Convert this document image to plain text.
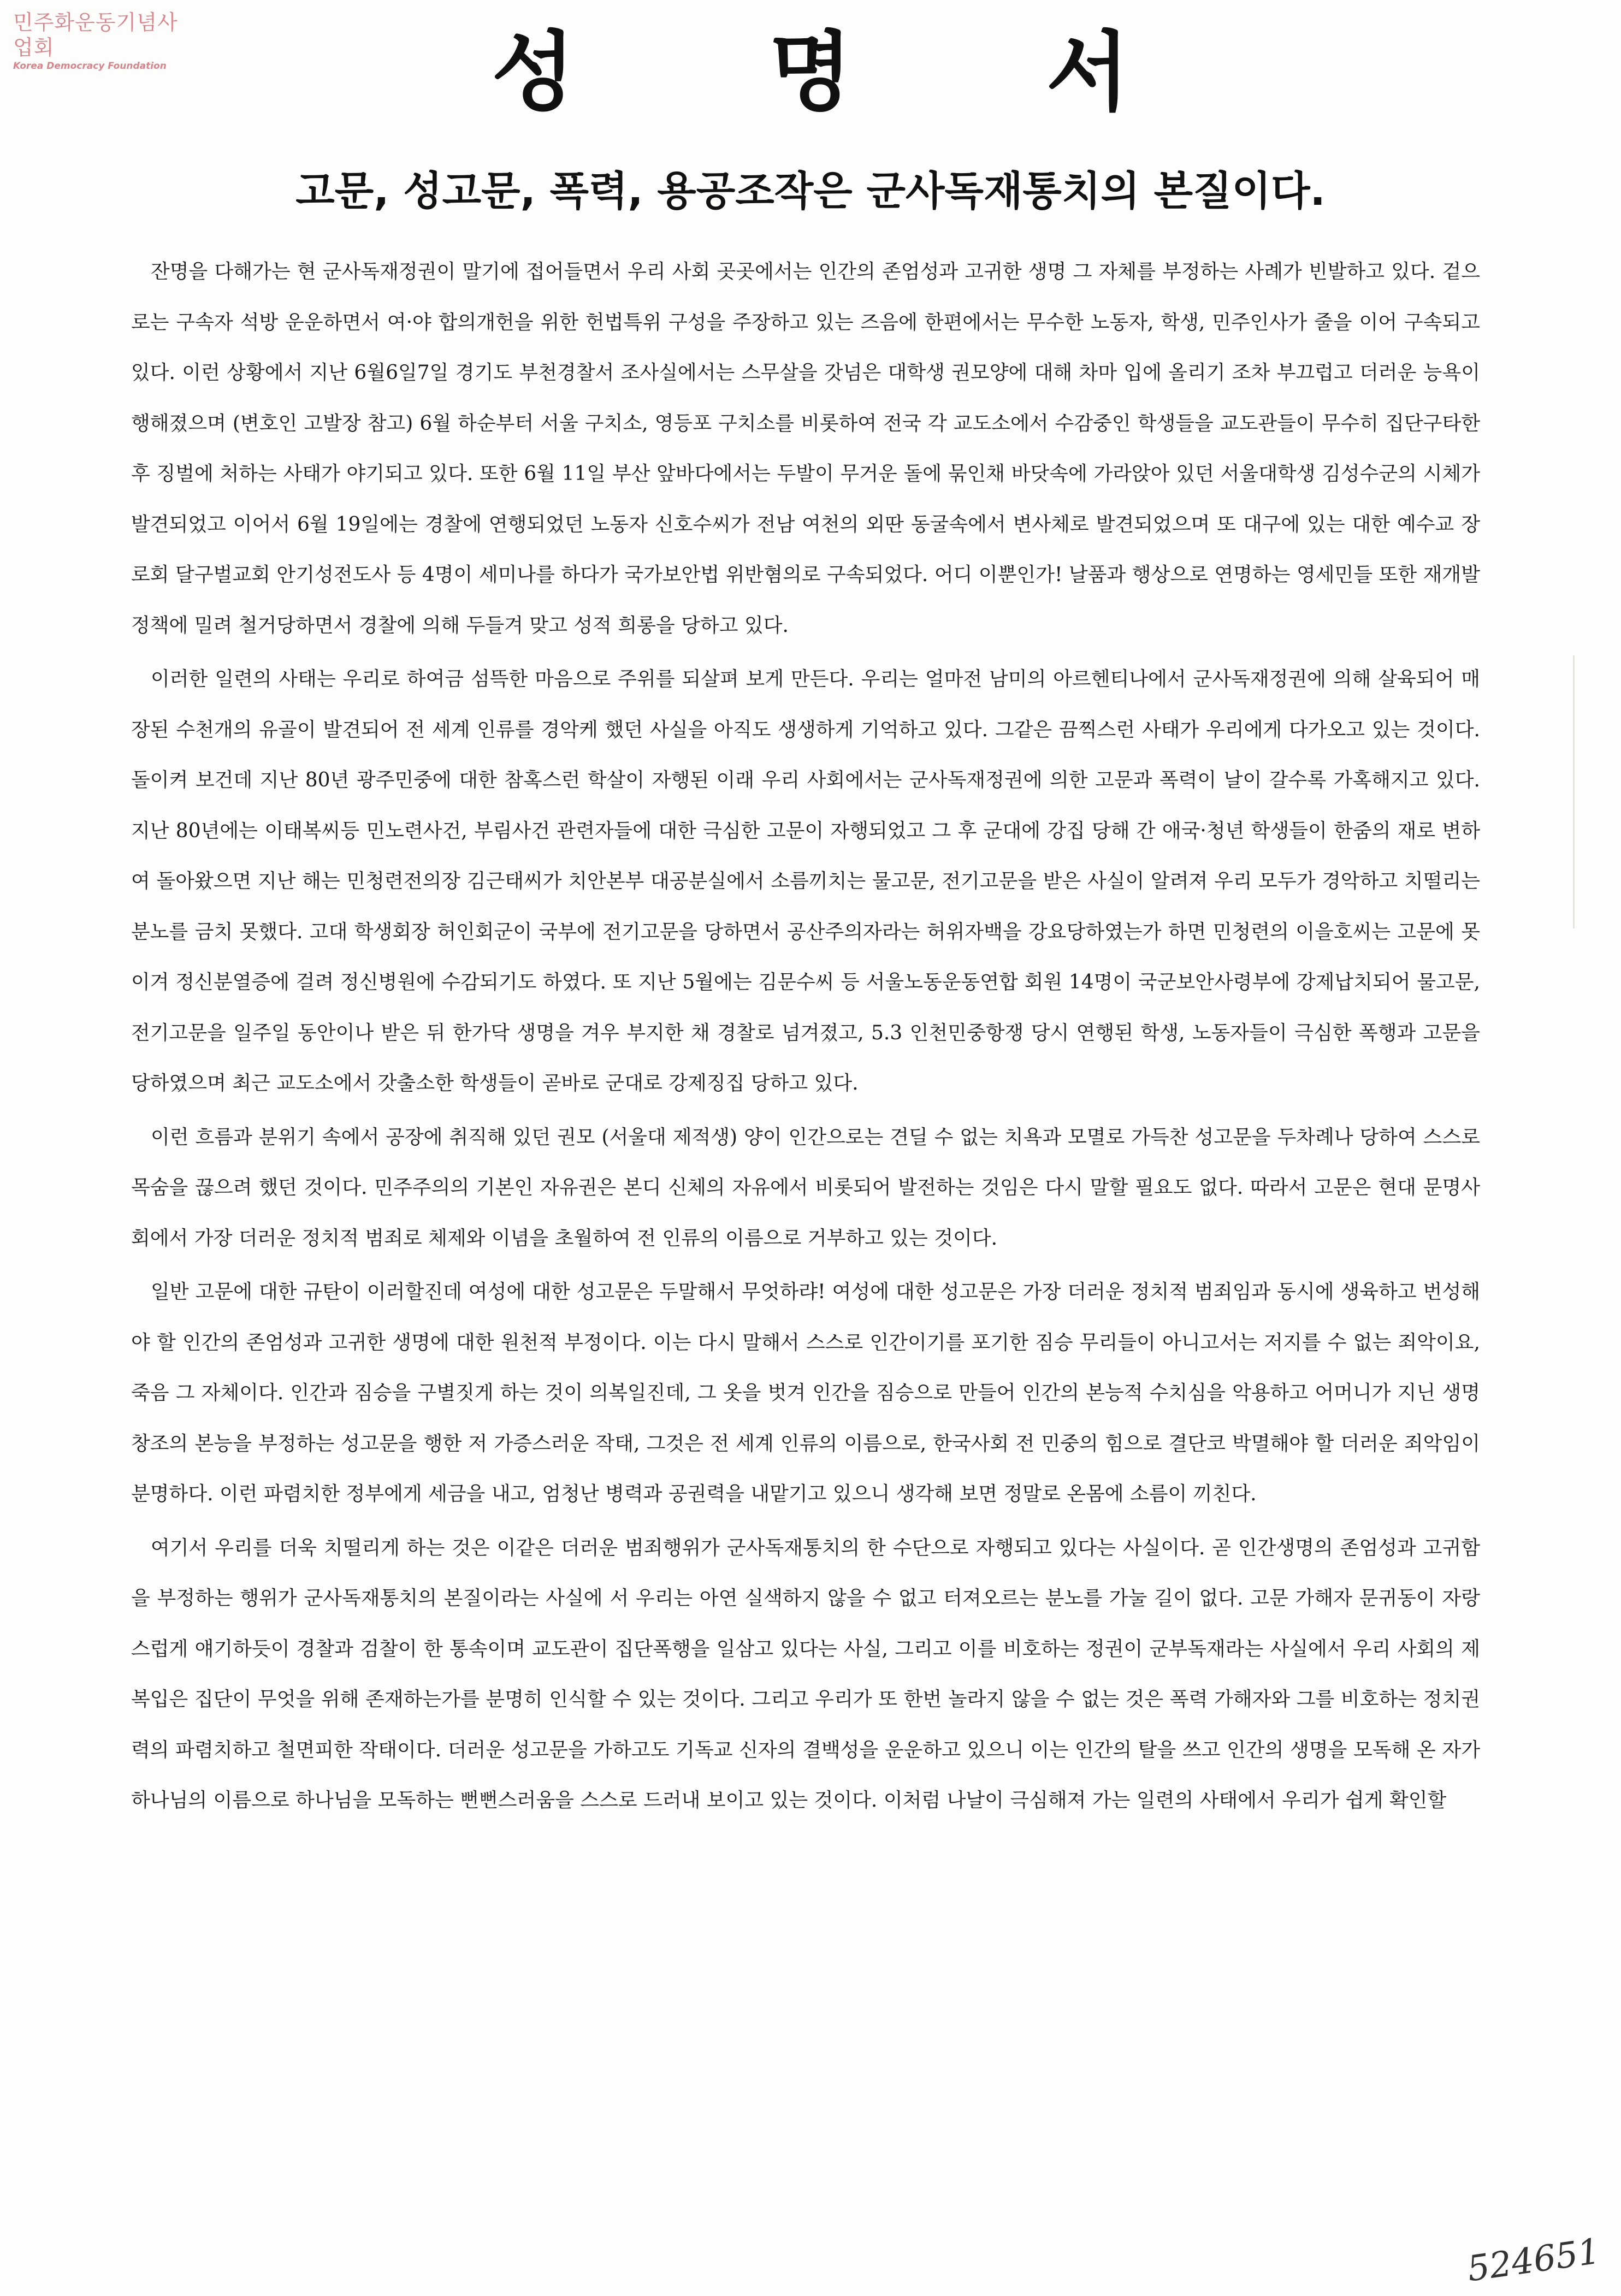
민주화운동기념사업회
Korea Democracy Foundation	성 명 서
고문, 성고문, 폭력, 용공조작은 군사독재통치의 본질이다.

잔명을 다해가는 현 군사독재정권이 말기에 접어들면서 우리 사회 곳곳에서는 인간의 존엄성과 고귀한 생명 그 자체를 부정하는 사례가 빈발하고 있다. 겉으로는 구속자 석방 운운하면서 여·야 합의개헌을 위한 헌법특위 구성을 주장하고 있는 즈음에 한편에서는 무수한 노동자, 학생, 민주인사가 줄을 이어 구속되고 있다. 이런 상황에서 지난 6월6일7일 경기도 부천경찰서 조사실에서는 스무살을 갓넘은 대학생 권모양에 대해 차마 입에 올리기 조차 부끄럽고 더러운 능욕이 행해졌으며 (변호인 고발장 참고) 6월 하순부터 서울 구치소, 영등포 구치소를 비롯하여 전국 각 교도소에서 수감중인 학생들을 교도관들이 무수히 집단구타한 후 징벌에 처하는 사태가 야기되고 있다. 또한 6월 11일 부산 앞바다에서는 두발이 무거운 돌에 묶인채 바닷속에 가라앉아 있던 서울대학생 김성수군의 시체가 발견되었고 이어서 6월 19일에는 경찰에 연행되었던 노동자 신호수씨가 전남 여천의 외딴 동굴속에서 변사체로 발견되었으며 또 대구에 있는 대한 예수교 장로회 달구벌교회 안기성전도사 등 4명이 세미나를 하다가 국가보안법 위반혐의로 구속되었다. 어디 이뿐인가! 날품과 행상으로 연명하는 영세민들 또한 재개발정책에 밀려 철거당하면서 경찰에 의해 두들겨 맞고 성적 희롱을 당하고 있다.

이러한 일련의 사태는 우리로 하여금 섬뜩한 마음으로 주위를 되살펴 보게 만든다. 우리는 얼마전 남미의 아르헨티나에서 군사독재정권에 의해 살육되어 매장된 수천개의 유골이 발견되어 전 세계 인류를 경악케 했던 사실을 아직도 생생하게 기억하고 있다. 그같은 끔찍스런 사태가 우리에게 다가오고 있는 것이다. 돌이켜 보건데 지난 80년 광주민중에 대한 참혹스런 학살이 자행된 이래 우리 사회에서는 군사독재정권에 의한 고문과 폭력이 날이 갈수록 가혹해지고 있다. 지난 80년에는 이태복씨등 민노련사건, 부림사건 관련자들에 대한 극심한 고문이 자행되었고 그 후 군대에 강집 당해 간 애국·청년 학생들이 한줌의 재로 변하여 돌아왔으면 지난 해는 민청련전의장 김근태씨가 치안본부 대공분실에서 소름끼치는 물고문, 전기고문을 받은 사실이 알려져 우리 모두가 경악하고 치떨리는 분노를 금치 못했다. 고대 학생회장 허인회군이 국부에 전기고문을 당하면서 공산주의자라는 허위자백을 강요당하였는가 하면 민청련의 이을호씨는 고문에 못이겨 정신분열증에 걸려 정신병원에 수감되기도 하였다. 또 지난 5월에는 김문수씨 등 서울노동운동연합 회원 14명이 국군보안사령부에 강제납치되어 물고문, 전기고문을 일주일 동안이나 받은 뒤 한가닥 생명을 겨우 부지한 채 경찰로 넘겨졌고, 5.3 인천민중항쟁 당시 연행된 학생, 노동자들이 극심한 폭행과 고문을 당하였으며 최근 교도소에서 갓출소한 학생들이 곧바로 군대로 강제징집 당하고 있다.

이런 흐름과 분위기 속에서 공장에 취직해 있던 권모 (서울대 제적생) 양이 인간으로는 견딜 수 없는 치욕과 모멸로 가득찬 성고문을 두차례나 당하여 스스로 목숨을 끊으려 했던 것이다. 민주주의의 기본인 자유권은 본디 신체의 자유에서 비롯되어 발전하는 것임은 다시 말할 필요도 없다. 따라서 고문은 현대 문명사회에서 가장 더러운 정치적 범죄로 체제와 이념을 초월하여 전 인류의 이름으로 거부하고 있는 것이다.

일반 고문에 대한 규탄이 이러할진데 여성에 대한 성고문은 두말해서 무엇하랴! 여성에 대한 성고문은 가장 더러운 정치적 범죄임과 동시에 생육하고 번성해야 할 인간의 존엄성과 고귀한 생명에 대한 원천적 부정이다. 이는 다시 말해서 스스로 인간이기를 포기한 짐승 무리들이 아니고서는 저지를 수 없는 죄악이요, 죽음 그 자체이다. 인간과 짐승을 구별짓게 하는 것이 의복일진데, 그 옷을 벗겨 인간을 짐승으로 만들어 인간의 본능적 수치심을 악용하고 어머니가 지닌 생명창조의 본능을 부정하는 성고문을 행한 저 가증스러운 작태, 그것은 전 세계 인류의 이름으로, 한국사회 전 민중의 힘으로 결단코 박멸해야 할 더러운 죄악임이 분명하다. 이런 파렴치한 정부에게 세금을 내고, 엄청난 병력과 공권력을 내맡기고 있으니 생각해 보면 정말로 온몸에 소름이 끼친다.

여기서 우리를 더욱 치떨리게 하는 것은 이같은 더러운 범죄행위가 군사독재통치의 한 수단으로 자행되고 있다는 사실이다. 곧 인간생명의 존엄성과 고귀함을 부정하는 행위가 군사독재통치의 본질이라는 사실에 서 우리는 아연 실색하지 않을 수 없고 터져오르는 분노를 가눌 길이 없다. 고문 가해자 문귀동이 자랑스럽게 얘기하듯이 경찰과 검찰이 한 통속이며 교도관이 집단폭행을 일삼고 있다는 사실, 그리고 이를 비호하는 정권이 군부독재라는 사실에서 우리 사회의 제복입은 집단이 무엇을 위해 존재하는가를 분명히 인식할 수 있는 것이다. 그리고 우리가 또 한번 놀라지 않을 수 없는 것은 폭력 가해자와 그를 비호하는 정치권력의 파렴치하고 철면피한 작태이다. 더러운 성고문을 가하고도 기독교 신자의 결백성을 운운하고 있으니 이는 인간의 탈을 쓰고 인간의 생명을 모독해 온 자가 하나님의 이름으로 하나님을 모독하는 뻔뻔스러움을 스스로 드러내 보이고 있는 것이다. 이처럼 나날이 극심해져 가는 일련의 사태에서 우리가 쉽게 확인할

524651
